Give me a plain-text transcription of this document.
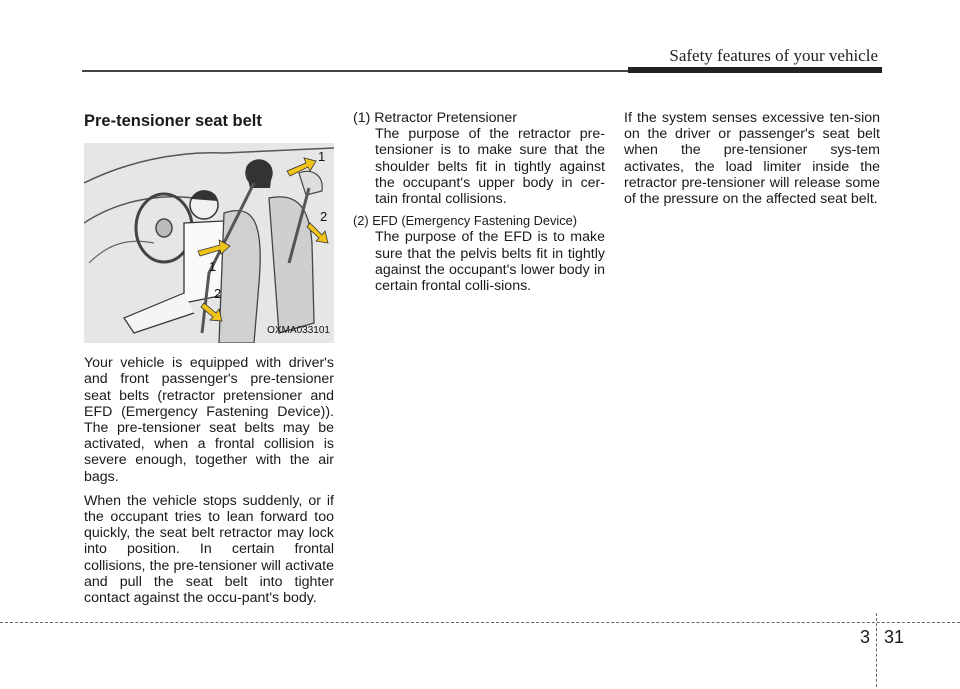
Safety features of your vehicle
Pre-tensioner seat belt
1
2
1
2
OXMA033101

Your vehicle is equipped with driver's and front passenger's pre-tensioner seat belts (retractor pretensioner and EFD (Emergency Fastening Device)). The pre-tensioner seat belts may be activated, when a frontal collision is severe enough, together with the air bags.

When the vehicle stops suddenly, or if the occupant tries to lean forward too quickly, the seat belt retractor may lock into position. In certain frontal collisions, the pre-tensioner will activate and pull the seat belt into tighter contact against the occu-pant's body.

(1) Retractor Pretensioner

The purpose of the retractor pre-tensioner is to make sure that the shoulder belts fit in tightly against the occupant's upper body in cer-tain frontal collisions.

(2) EFD (Emergency Fastening Device)

The purpose of the EFD is to make sure that the pelvis belts fit in tightly against the occupant's lower body in certain frontal colli-sions.

If the system senses excessive ten-sion on the driver or passenger's seat belt when the pre-tensioner sys-tem activates, the load limiter inside the retractor pre-tensioner will release some of the pressure on the affected seat belt.

3 31
